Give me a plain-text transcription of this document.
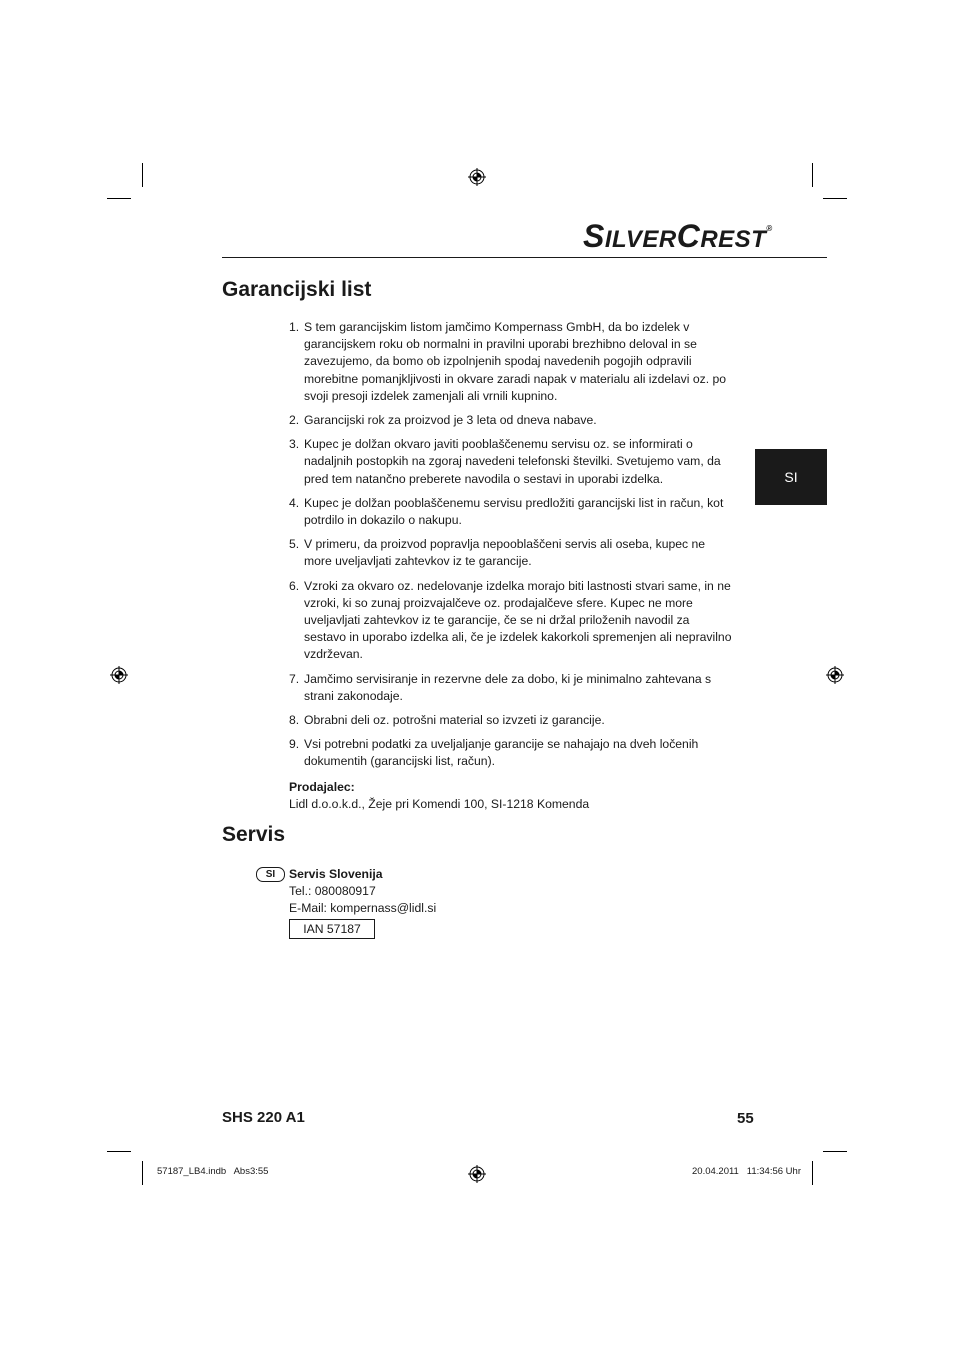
SILVERCREST®
Garancijski list
1. S tem garancijskim listom jamčimo Kompernass GmbH, da bo izdelek v garancijskem roku ob normalni in pravilni uporabi brezhibno deloval in se zavezujemo, da bomo ob izpolnjenih spodaj navedenih pogojih odpravili morebitne pomanjkljivosti in okvare zaradi napak v materialu ali izdelavi oz. po svoji presoji izdelek zamenjali ali vrnili kupnino.
2. Garancijski rok za proizvod je 3 leta od dneva nabave.
3. Kupec je dolžan okvaro javiti pooblaščenemu servisu oz. se informirati o nadaljnih postopkih na zgoraj navedeni telefonski številki. Svetujemo vam, da pred tem natančno preberete navodila o sestavi in uporabi izdelka.
4. Kupec je dolžan pooblaščenemu servisu predložiti garancijski list in račun, kot potrdilo in dokazilo o nakupu.
5. V primeru, da proizvod popravlja nepooblaščeni servis ali oseba, kupec ne more uveljavljati zahtevkov iz te garancije.
6. Vzroki za okvaro oz. nedelovanje izdelka morajo biti lastnosti stvari same, in ne vzroki, ki so zunaj proizvajalčeve oz. prodajalčeve sfere. Kupec ne more uveljavljati zahtevkov iz te garancije, če se ni držal priloženih navodil za sestavo in uporabo izdelka ali, če je izdelek kakorkoli spremenjen ali nepravilno vzdrževan.
7. Jamčimo servisiranje in rezervne dele za dobo, ki je minimalno zahtevana s strani zakonodaje.
8. Obrabni deli oz. potrošni material so izvzeti iz garancije.
9. Vsi potrebni podatki za uveljaljanje garancije se nahajajo na dveh ločenih dokumentih (garancijski list, račun).
Prodajalec:
Lidl d.o.o.k.d., Žeje pri Komendi 100, SI-1218 Komenda
Servis
SI	Servis Slovenija
Tel.: 080080917
E-Mail: kompernass@lidl.si
IAN 57187
SI
SHS 220 A1	55
57187_LB4.indb   Abs3:55	20.04.2011   11:34:56 Uhr
